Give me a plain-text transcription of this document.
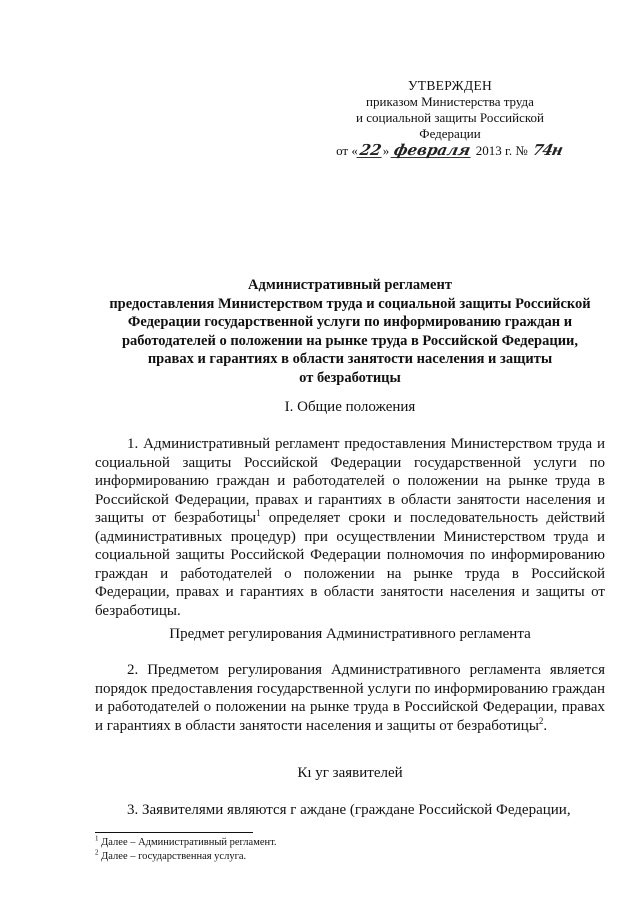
УТВЕРЖДЕН
приказом Министерства труда
и социальной защиты Российской
Федерации
от «22» февраля 2013 г. № 74н
Административный регламент
предоставления Министерством труда и социальной защиты Российской
Федерации государственной услуги по информированию граждан и
работодателей о положении на рынке труда в Российской Федерации,
правах и гарантиях в области занятости населения и защиты
от безработицы
I. Общие положения

1. Административный регламент предоставления Министерством труда и социальной защиты Российской Федерации государственной услуги по информированию граждан и работодателей о положении на рынке труда в Российской Федерации, правах и гарантиях в области занятости населения и защиты от безработицы$^1$ определяет сроки и последовательность действий (административных процедур) при осуществлении Министерством труда и социальной защиты Российской Федерации полномочия по информированию граждан и работодателей о положении на рынке труда в Российской Федерации, правах и гарантиях в области занятости населения и защиты от безработицы.

Предмет регулирования Административного регламента

2. Предметом регулирования Административного регламента является порядок предоставления государственной услуги по информированию граждан и работодателей о положении на рынке труда в Российской Федерации, правах и гарантиях в области занятости населения и защиты от безработицы$^2$.

Кı уг заявителей

3. Заявителями являются г аждане (граждане Российской Федерации,

$^1$ Далее – Административный регламент.
$^2$ Далее – государственная услуга.
